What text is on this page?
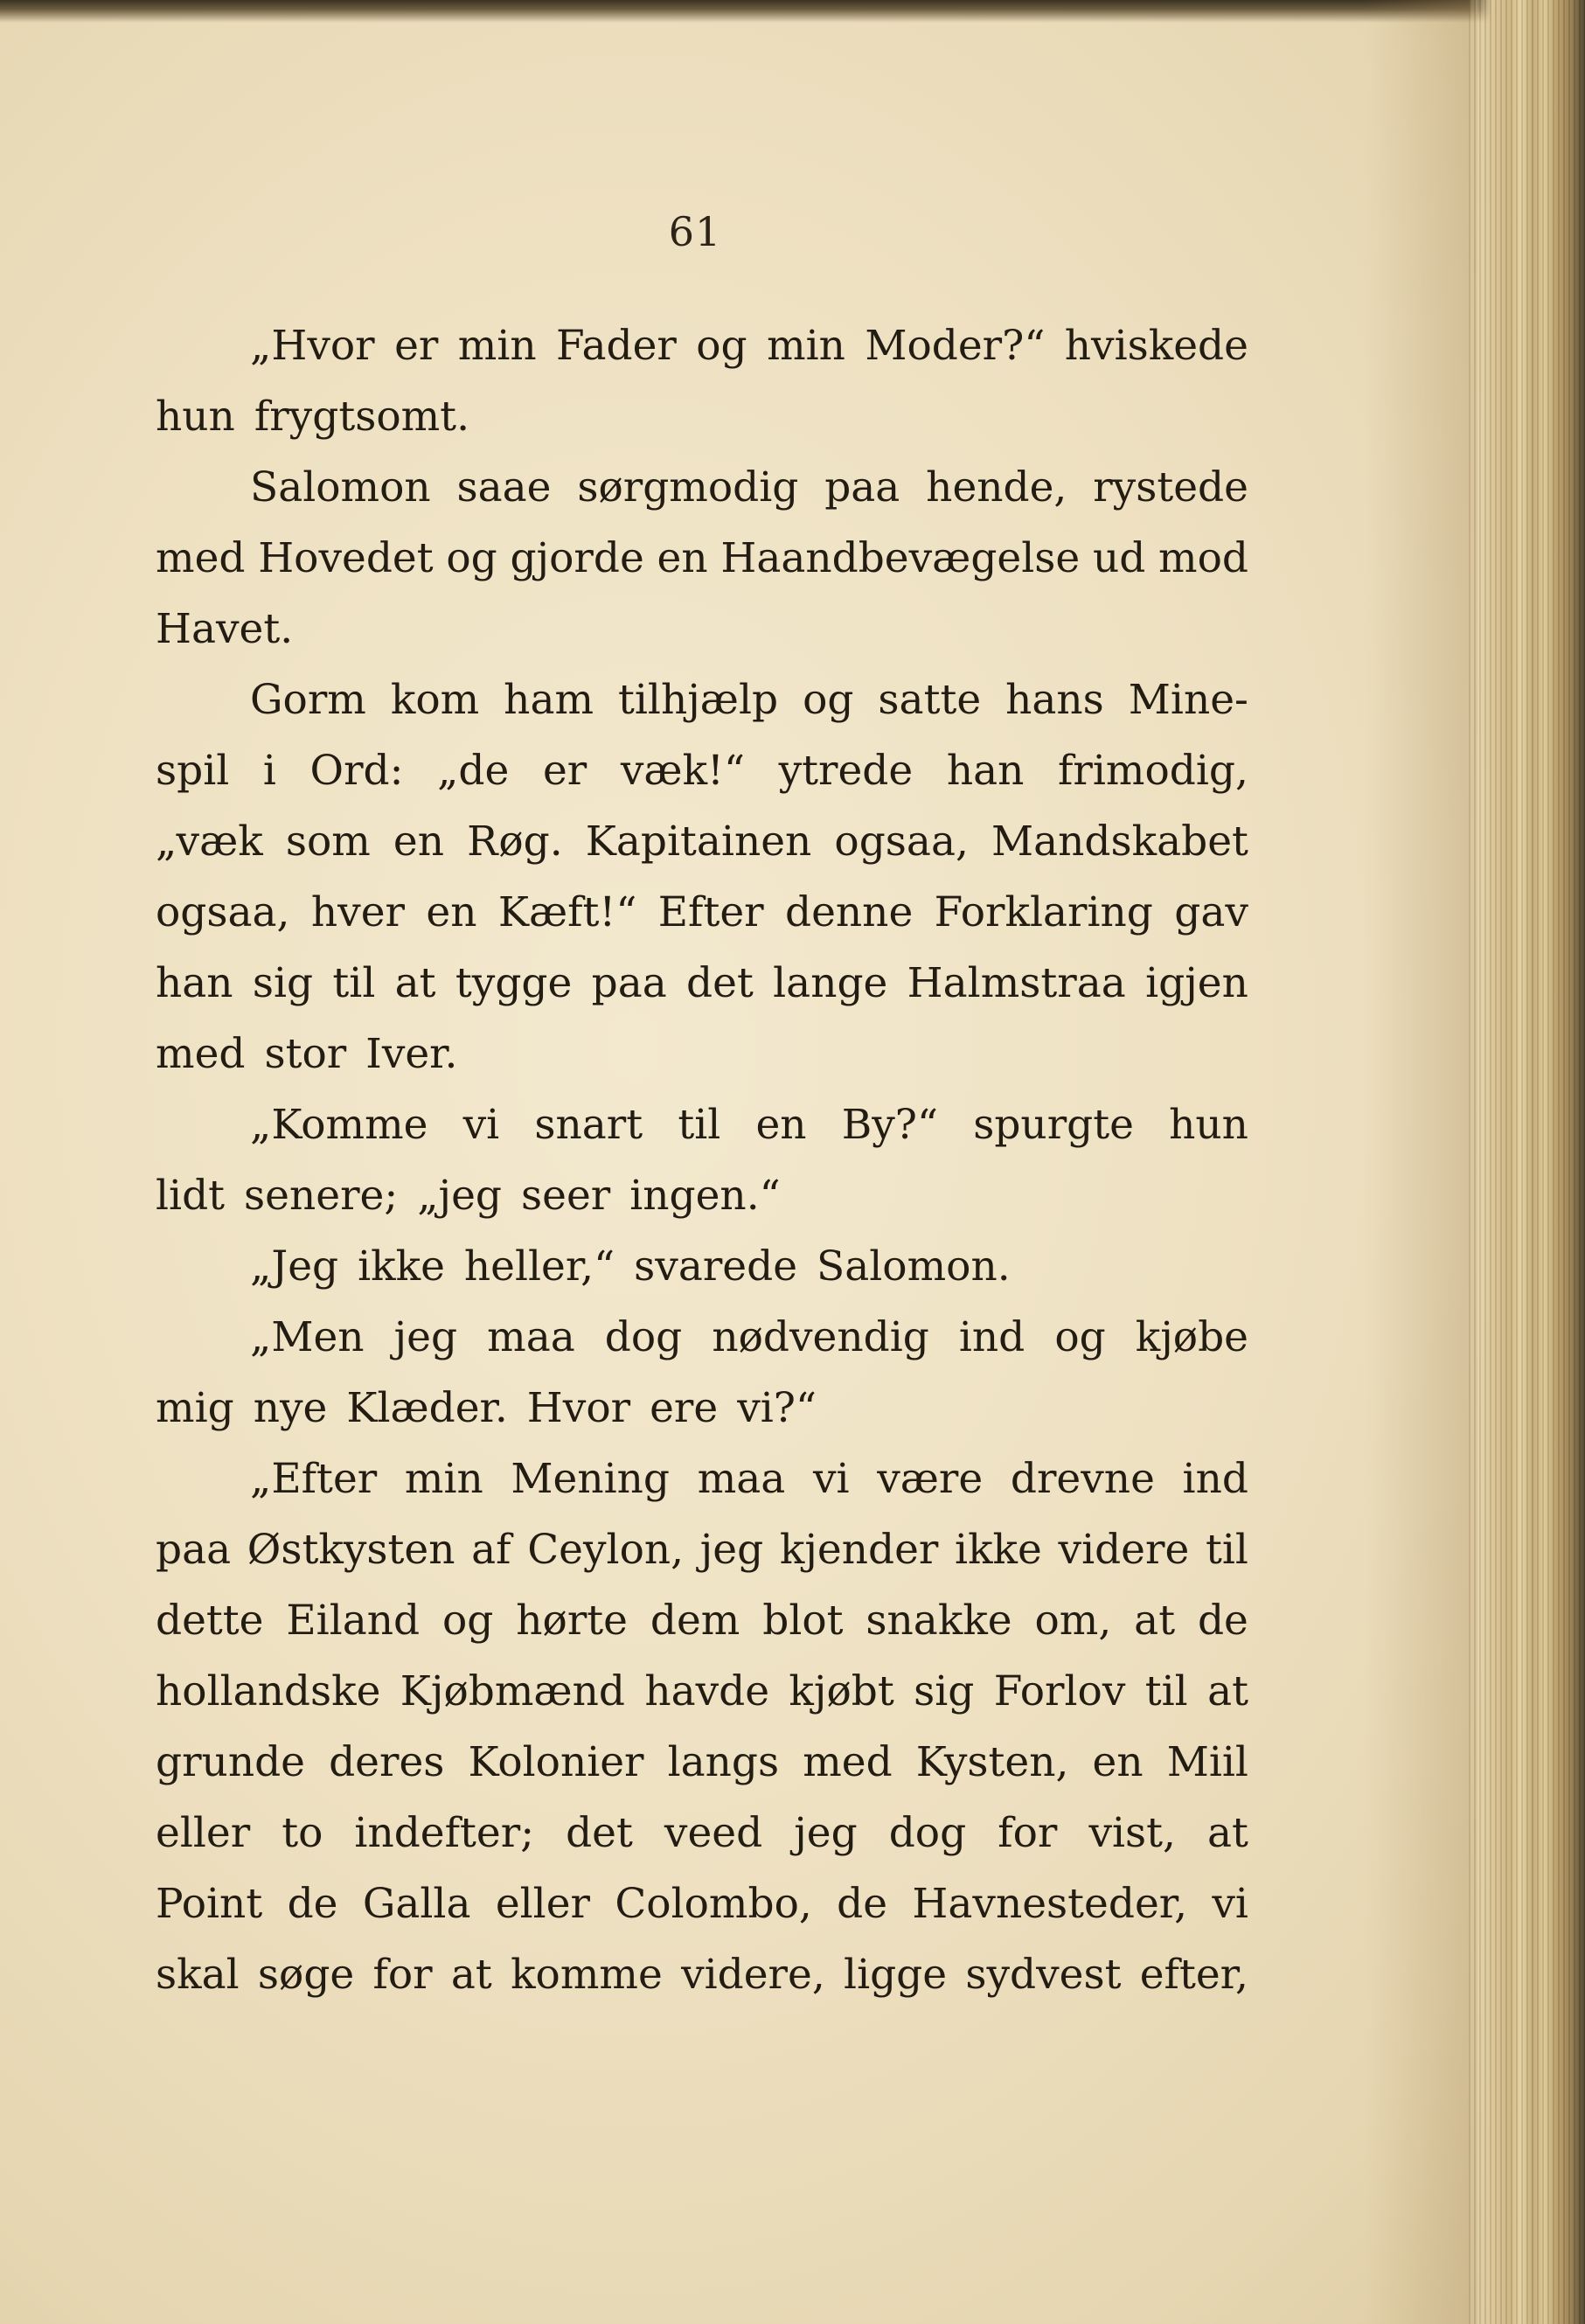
61
„Hvor er min Fader og min Moder?“ hviskede
hun frygtsomt.
Salomon saae sørgmodig paa hende, rystede
med Hovedet og gjorde en Haandbevægelse ud mod
Havet.
Gorm kom ham tilhjælp og satte hans Mine-
spil i Ord: „de er væk!“ ytrede han frimodig,
„væk som en Røg. Kapitainen ogsaa, Mandskabet
ogsaa, hver en Kæft!“ Efter denne Forklaring gav
han sig til at tygge paa det lange Halmstraa igjen
med stor Iver.
„Komme vi snart til en By?“ spurgte hun
lidt senere; „jeg seer ingen.“
„Jeg ikke heller,“ svarede Salomon.
„Men jeg maa dog nødvendig ind og kjøbe
mig nye Klæder. Hvor ere vi?“
„Efter min Mening maa vi være drevne ind
paa Østkysten af Ceylon, jeg kjender ikke videre til
dette Eiland og hørte dem blot snakke om, at de
hollandske Kjøbmænd havde kjøbt sig Forlov til at
grunde deres Kolonier langs med Kysten, en Miil
eller to indefter; det veed jeg dog for vist, at
Point de Galla eller Colombo, de Havnesteder, vi
skal søge for at komme videre, ligge sydvest efter,
